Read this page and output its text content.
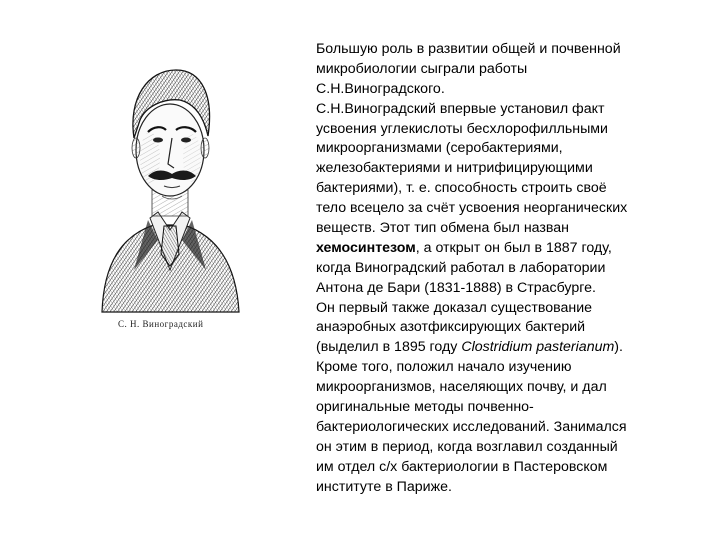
С. Н. Виноградский
Большую роль в развитии общей и почвенной
микробиологии сыграли работы
С.Н.Виноградского.
С.Н.Виноградский впервые установил факт
усвоения углекислоты бесхлорофилльными
микроорганизмами (серобактериями,
железобактериями и нитрифицирующими
бактериями), т. е. способность строить своё
тело всецело за счёт усвоения неорганических
веществ. Этот тип обмена был назван
хемосинтезом, а открыт он был в 1887 году,
когда Виноградский работал в лаборатории
Антона де Бари (1831-1888) в Страсбурге.
Он первый также доказал существование
анаэробных азотфиксирующих бактерий
(выделил в 1895 году Clostridium pasterianum).
Кроме того, положил начало изучению
микроорганизмов, населяющих почву, и дал
оригинальные методы почвенно-
бактериологических исследований. Занимался
он этим в период, когда возглавил созданный
им отдел с/х бактериологии в Пастеровском
институте в Париже.
